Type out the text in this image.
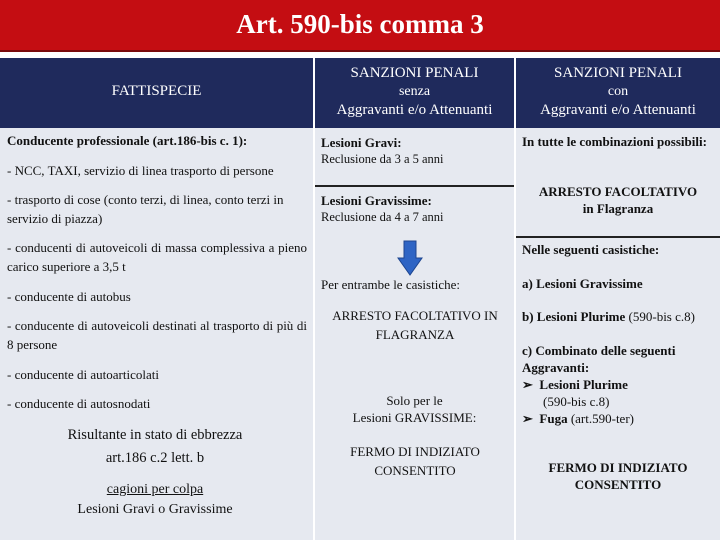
Art. 590-bis comma 3
FATTISPECIE
SANZIONI PENALI
senza
Aggravanti e/o Attenuanti
SANZIONI PENALI
con
Aggravanti e/o Attenuanti
Conducente professionale (art.186-bis c. 1):
- NCC, TAXI, servizio di linea trasporto di persone
- trasporto di cose (conto terzi, di linea, conto terzi in servizio di piazza)
- conducenti di autoveicoli di massa complessiva a pieno carico superiore a 3,5 t
- conducente di autobus
- conducente di autoveicoli destinati al trasporto di più di 8 persone
- conducente di autoarticolati
- conducente di autosnodati
Risultante in stato di ebbrezza
art.186 c.2 lett. b
cagioni per colpa
Lesioni Gravi o Gravissime
Lesioni Gravi:
Reclusione da 3 a 5 anni
Lesioni Gravissime:
Reclusione da 4 a 7 anni
Per entrambe le casistiche:
ARRESTO FACOLTATIVO IN FLAGRANZA
Solo per le
Lesioni GRAVISSIME:
FERMO DI INDIZIATO CONSENTITO
In tutte le combinazioni possibili:
ARRESTO FACOLTATIVO
in Flagranza
Nelle seguenti casistiche:
a) Lesioni Gravissime
b) Lesioni Plurime (590-bis c.8)
c) Combinato delle seguenti Aggravanti:
➢ Lesioni Plurime
(590-bis c.8)
➢ Fuga (art.590-ter)
FERMO DI INDIZIATO
CONSENTITO
